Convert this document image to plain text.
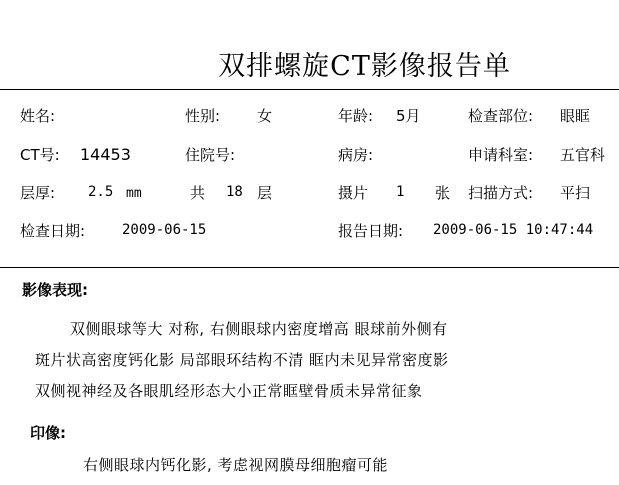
双排螺旋CT影像报告单
姓名:	性别: 女	年龄: 5月	检查部位: 眼眶
CT号: 14453	住院号:	病房:	申请科室: 五官科
层厚: 2.5 mm	共 18 层	摄片 1 张 扫描方式: 平扫
检查日期:	2009-06-15	报告日期: 2009-06-15 10:47:44
影像表现:
双侧眼球等大 对称, 右侧眼球内密度增高 眼球前外侧有
斑片状高密度钙化影 局部眼环结构不清 眶内未见异常密度影
双侧视神经及各眼肌经形态大小正常眶壁骨质未异常征象
印像:
右侧眼球内钙化影, 考虑视网膜母细胞瘤可能
